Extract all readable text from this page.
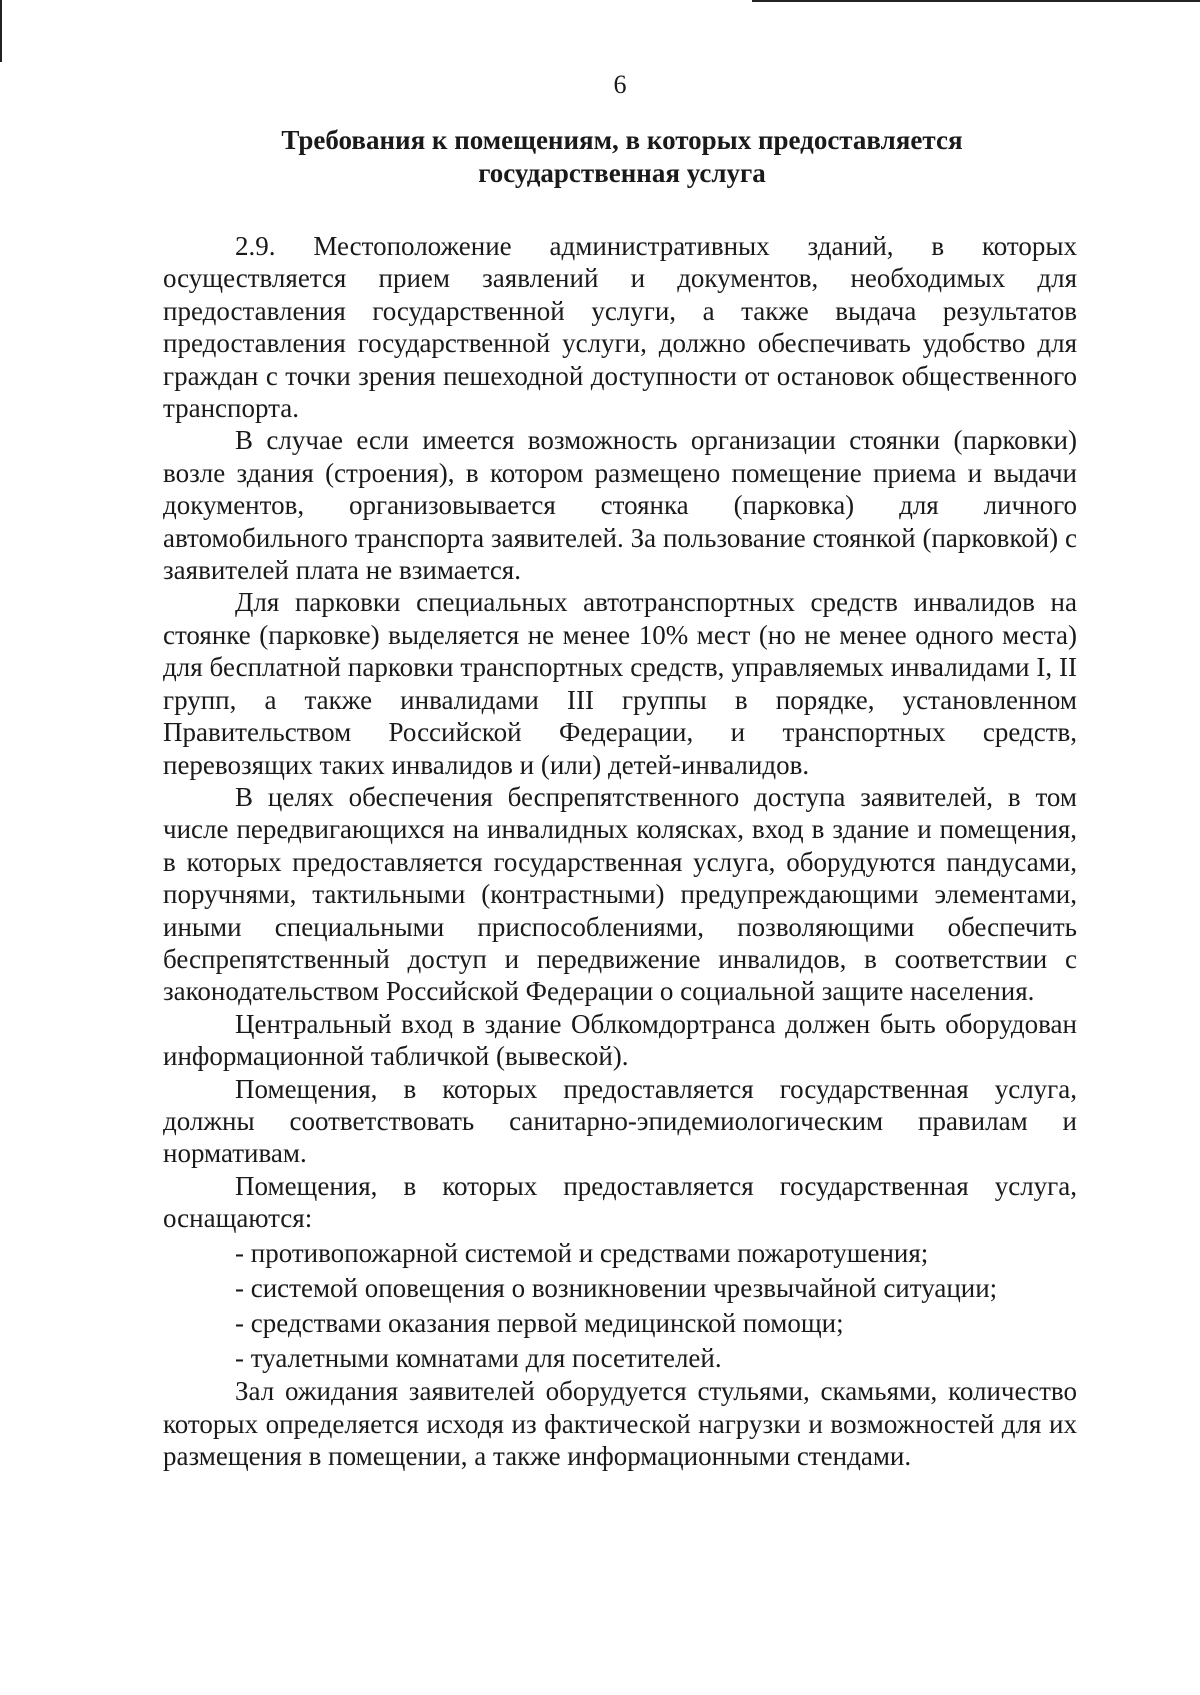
6
Требования к помещениям, в которых предоставляется
государственная услуга

2.9. Местоположение административных зданий, в которых осуществляется прием заявлений и документов, необходимых для предоставления государственной услуги, а также выдача результатов предоставления государственной услуги, должно обеспечивать удобство для граждан с точки зрения пешеходной доступности от остановок общественного транспорта.

В случае если имеется возможность организации стоянки (парковки) возле здания (строения), в котором размещено помещение приема и выдачи документов, организовывается стоянка (парковка) для личного автомобильного транспорта заявителей. За пользование стоянкой (парковкой) с заявителей плата не взимается.

Для парковки специальных автотранспортных средств инвалидов на стоянке (парковке) выделяется не менее 10% мест (но не менее одного места) для бесплатной парковки транспортных средств, управляемых инвалидами I, II групп, а также инвалидами III группы в порядке, установленном Правительством Российской Федерации, и транспортных средств, перевозящих таких инвалидов и (или) детей-инвалидов.

В целях обеспечения беспрепятственного доступа заявителей, в том числе передвигающихся на инвалидных колясках, вход в здание и помещения, в которых предоставляется государственная услуга, оборудуются пандусами, поручнями, тактильными (контрастными) предупреждающими элементами, иными специальными приспособлениями, позволяющими обеспечить беспрепятственный доступ и передвижение инвалидов, в соответствии с законодательством Российской Федерации о социальной защите населения.

Центральный вход в здание Облкомдортранса должен быть оборудован информационной табличкой (вывеской).

Помещения, в которых предоставляется государственная услуга, должны соответствовать санитарно-эпидемиологическим правилам и нормативам.

Помещения, в которых предоставляется государственная услуга, оснащаются:

- противопожарной системой и средствами пожаротушения;
- системой оповещения о возникновении чрезвычайной ситуации;
- средствами оказания первой медицинской помощи;
- туалетными комнатами для посетителей.

Зал ожидания заявителей оборудуется стульями, скамьями, количество которых определяется исходя из фактической нагрузки и возможностей для их размещения в помещении, а также информационными стендами.
